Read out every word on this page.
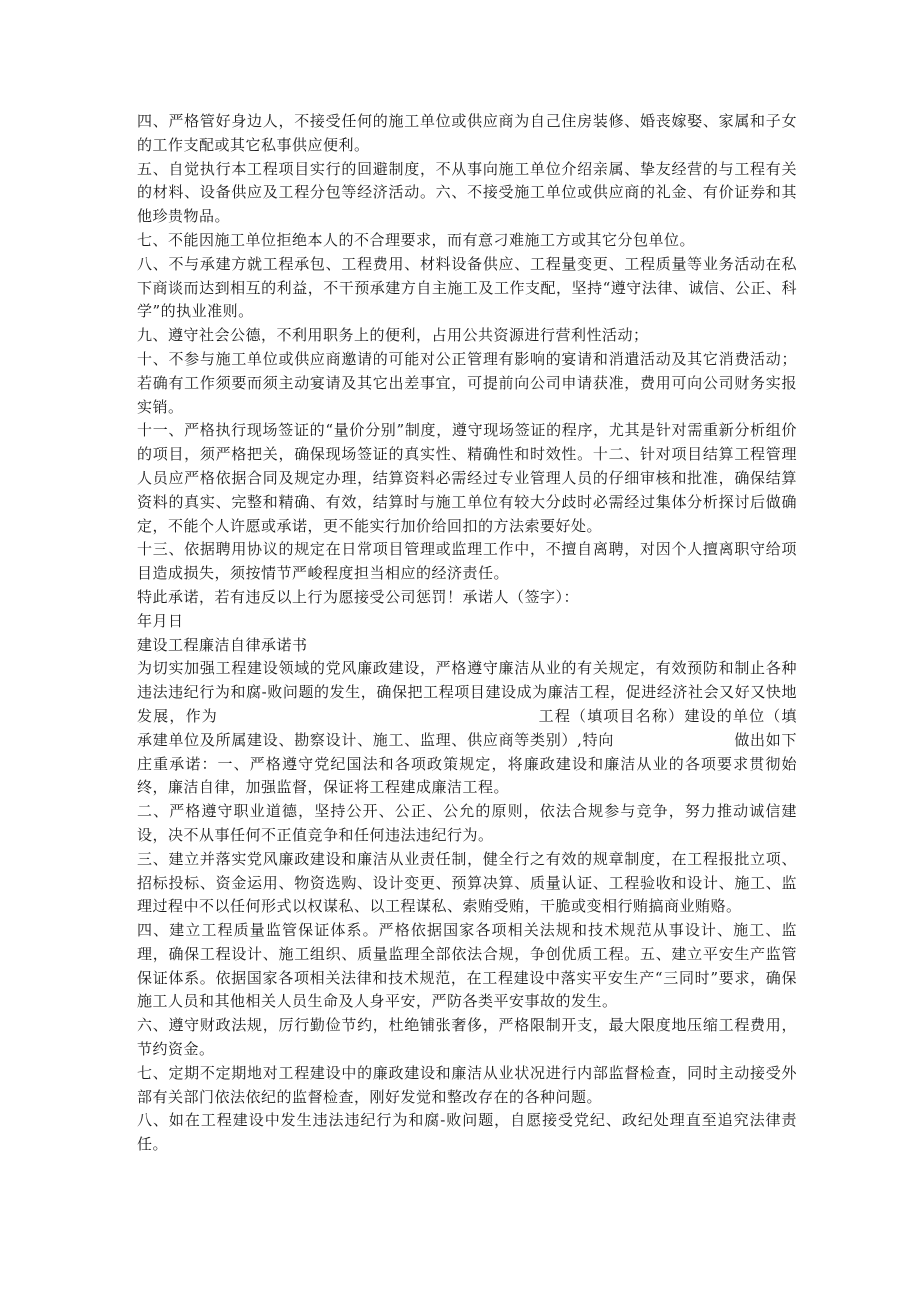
四、严格管好身边人，不接受任何的施工单位或供应商为自己住房装修、婚丧嫁娶、家属和子女的工作支配或其它私事供应便利。

五、自觉执行本工程项目实行的回避制度，不从事向施工单位介绍亲属、挚友经营的与工程有关的材料、设备供应及工程分包等经济活动。六、不接受施工单位或供应商的礼金、有价证券和其他珍贵物品。

七、不能因施工单位拒绝本人的不合理要求，而有意刁难施工方或其它分包单位。

八、不与承建方就工程承包、工程费用、材料设备供应、工程量变更、工程质量等业务活动在私下商谈而达到相互的利益，不干预承建方自主施工及工作支配，坚持“遵守法律、诚信、公正、科学”的执业准则。

九、遵守社会公德，不利用职务上的便利，占用公共资源进行营利性活动；

十、不参与施工单位或供应商邀请的可能对公正管理有影响的宴请和消遣活动及其它消费活动；若确有工作须要而须主动宴请及其它出差事宜，可提前向公司申请获准，费用可向公司财务实报实销。

十一、严格执行现场签证的“量价分别”制度，遵守现场签证的程序，尤其是针对需重新分析组价的项目，须严格把关，确保现场签证的真实性、精确性和时效性。十二、针对项目结算工程管理人员应严格依据合同及规定办理，结算资料必需经过专业管理人员的仔细审核和批准，确保结算资料的真实、完整和精确、有效，结算时与施工单位有较大分歧时必需经过集体分析探讨后做确定，不能个人许愿或承诺，更不能实行加价给回扣的方法索要好处。

十三、依据聘用协议的规定在日常项目管理或监理工作中，不擅自离聘，对因个人擅离职守给项目造成损失，须按情节严峻程度担当相应的经济责任。

特此承诺，若有违反以上行为愿接受公司惩罚！承诺人（签字）：

年月日

建设工程廉洁自律承诺书

为切实加强工程建设领域的党风廉政建设，严格遵守廉洁从业的有关规定，有效预防和制止各种违法违纪行为和腐-败问题的发生，确保把工程项目建设成为廉洁工程，促进经济社会又好又快地发展，作为	工程（填项目名称）建设的单位（填承建单位及所属建设、勘察设计、施工、监理、供应商等类别）,特向	做出如下庄重承诺：一、严格遵守党纪国法和各项政策规定，将廉政建设和廉洁从业的各项要求贯彻始终，廉洁自律，加强监督，保证将工程建成廉洁工程。

二、严格遵守职业道德，坚持公开、公正、公允的原则，依法合规参与竞争，努力推动诚信建设，决不从事任何不正值竞争和任何违法违纪行为。

三、建立并落实党风廉政建设和廉洁从业责任制，健全行之有效的规章制度，在工程报批立项、招标投标、资金运用、物资选购、设计变更、预算决算、质量认证、工程验收和设计、施工、监理过程中不以任何形式以权谋私、以工程谋私、索贿受贿，干脆或变相行贿搞商业贿赂。

四、建立工程质量监管保证体系。严格依据国家各项相关法规和技术规范从事设计、施工、监理，确保工程设计、施工组织、质量监理全部依法合规，争创优质工程。五、建立平安生产监管保证体系。依据国家各项相关法律和技术规范，在工程建设中落实平安生产“三同时”要求，确保施工人员和其他相关人员生命及人身平安，严防各类平安事故的发生。

六、遵守财政法规，厉行勤俭节约，杜绝铺张奢侈，严格限制开支，最大限度地压缩工程费用，节约资金。

七、定期不定期地对工程建设中的廉政建设和廉洁从业状况进行内部监督检查，同时主动接受外部有关部门依法依纪的监督检查，刚好发觉和整改存在的各种问题。

八、如在工程建设中发生违法违纪行为和腐-败问题，自愿接受党纪、政纪处理直至追究法律责任。
